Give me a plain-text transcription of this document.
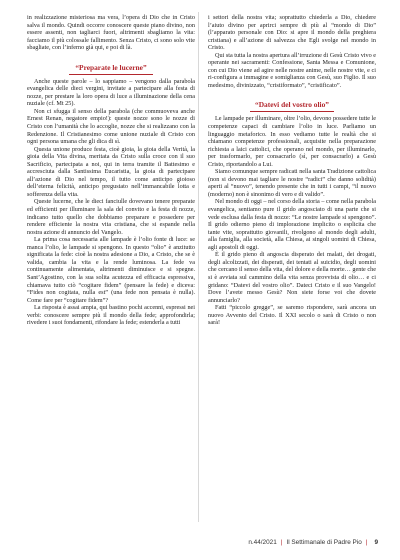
in realizzazione misteriosa ma vera, l’opera di Dio che in Cristo salva il mondo. Quindi occorre conoscere queste piano divino, non essere assenti, non tagliarci fuori, altrimenti sbagliamo la vita: facciamo il più colossale fallimento. Senza Cristo, ci sono solo vite sbagliate, con l’inferno già qui, e poi di là.

“Preparate le lucerne”

Anche queste parole – lo sappiamo – vengono dalla parabola evangelica delle dieci vergini, invitate a partecipare alla festa di nozze, per prestare la loro opera di luce a illuminazione della cena nuziale (cf. Mt 25).

Non ci sfugga il senso della parabola (che commuoveva anche Ernest Renan, negatore empio!): queste nozze sono le nozze di Cristo con l’umanità che lo accoglie, nozze che si realizzano con la Redenzione. Il Cristianesimo come unione nuziale di Cristo con ogni persona umana che gli dica di sì.

Questa unione produce festa, cioè gioia, la gioia della Verità, la gioia della Vita divina, meritata da Cristo sulla croce con il suo Sacrificio, partecipata a noi, qui in terra tramite il Battesimo e accresciuta dalla Santissima Eucaristia, la gioia di partecipare all’azione di Dio nel tempo, il tutto come anticipo gioioso dell’eterna felicità, anticipo pregustato nell’immancabile lotta e sofferenza della vita.

Queste lucerne, che le dieci fanciulle dovevano tenere preparate ed efficienti per illuminare la sala del convito e la festa di nozze, indicano tutto quello che dobbiamo preparare e possedere per rendere efficiente la nostra vita cristiana, che si espande nella nostra azione di annuncio del Vangelo.

La prima cosa necessaria alle lampade è l’olio fonte di luce: se manca l’olio, le lampade si spengono. In questo “olio” è anzitutto significata la fede: cioè la nostra adesione a Dio, a Cristo, che se è valida, cambia la vita e la rende luminosa. La fede va continuamente alimentata, altrimenti diminuisce e si spegne. Sant’Agostino, con la sua solita acutezza ed efficacia espressiva, chiamava tutto ciò “cogitare fidem” (pensare la fede) e diceva: “Fides non cogitata, nulla est” (una fede non pensata è nulla). Come fare per “cogitare fidem”?

La risposta è assai ampia, qui bastino pochi accenni, espressi nei verbi: conoscere sempre più il mondo della fede; approfondirla; rivedere i suoi fondamenti, rifondare la fede; estenderla a tutti

i settori della nostra vita; soprattutto chiederla a Dio, chiedere l’aiuto divino per aprirci sempre di più al “mondo di Dio” (l’apparato personale con Dio: si apre il mondo della preghiera cristiana) e all’azione di salvezza che Egli svolge nel mondo in Cristo.

Qui sta tutta la nostra apertura all’irruzione di Gesù Cristo vivo e operante nei sacramenti: Confessione, Santa Messa e Comunione, con cui Dio viene ad agire nelle nostre anime, nelle nostre vite, e ci ri-configura a immagine e somiglianza con Gesù, suo Figlio. Il suo medesimo, divinizzato, “cristiformato”, “cristificato”.

“Datevi del vostro olio”

Le lampade per illuminare, oltre l’olio, devono possedere tutte le competenze capaci di cambiare l’olio in luce. Parliamo un linguaggio metaforico. In esso vediamo tutte le realtà che si chiamano competenze professionali, acquisite nella preparazione richiesta a laici cattolici, che operano nel mondo, per illuminarlo, per trasformarlo, per consacrarlo (sì, per consacrarlo) a Gesù Cristo, riportandolo a Lui.

Siamo comunque sempre radicati nella santa Tradizione cattolica (non si devono mai tagliare le nostre “radici” che danno solidità) aperti al “nuovo”, tenendo presente che in tutti i campi, “il nuovo (moderno) non è sinonimo di vero e di valido”.

Nel mondo di oggi – nel corso della storia – come nella parabola evangelica, sentiamo pure il grido angosciato di una parte che si vede esclusa dalla festa di nozze: “Le nostre lampade si spengono”. Il grido odierno pieno di implorazione implicito o esplicita che tante vite, soprattutto giovanili, rivolgono al mondo degli adulti, alla famiglia, alla società, alla Chiesa, ai singoli uomini di Chiesa, agli apostoli di oggi.

È il grido pieno di angoscia disperato dei malati, dei drogati, degli alcolizzati, dei disperati, dei tentati al suicidio, degli uomini che cercano il senso della vita, del dolore e della morte… gente che si è avviata sul cammino della vita senza provvista di olio… e ci gridano: “Datevi del vostro olio”. Dateci Cristo e il suo Vangelo! Dove l’avete messo Gesù? Non siete forse voi che dovete annunciarlo?

Fatti “piccolo gregge”, se saremo rispondere, sarà ancora un nuovo Avvento del Cristo. Il XXI secolo o sarà di Cristo o non sarà!

n.44/2021 | Il Settimanale di Padre Pio | 9
